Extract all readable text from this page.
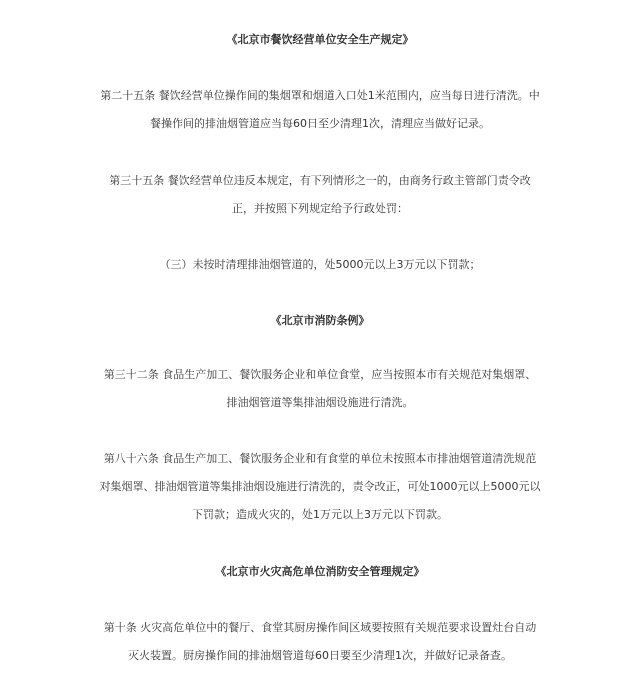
《北京市餐饮经营单位安全生产规定》
第二十五条 餐饮经营单位操作间的集烟罩和烟道入口处1米范围内，应当每日进行清洗。中
餐操作间的排油烟管道应当每60日至少清理1次，清理应当做好记录。
第三十五条 餐饮经营单位违反本规定，有下列情形之一的，由商务行政主管部门责令改
正，并按照下列规定给予行政处罚：
（三）未按时清理排油烟管道的，处5000元以上3万元以下罚款；
《北京市消防条例》
第三十二条 食品生产加工、餐饮服务企业和单位食堂，应当按照本市有关规范对集烟罩、
排油烟管道等集排油烟设施进行清洗。
第八十六条 食品生产加工、餐饮服务企业和有食堂的单位未按照本市排油烟管道清洗规范
对集烟罩、排油烟管道等集排油烟设施进行清洗的，责令改正，可处1000元以上5000元以
下罚款；造成火灾的，处1万元以上3万元以下罚款。
《北京市火灾高危单位消防安全管理规定》
第十条 火灾高危单位中的餐厅、食堂其厨房操作间区域要按照有关规范要求设置灶台自动
灭火装置。厨房操作间的排油烟管道每60日要至少清理1次，并做好记录备查。
